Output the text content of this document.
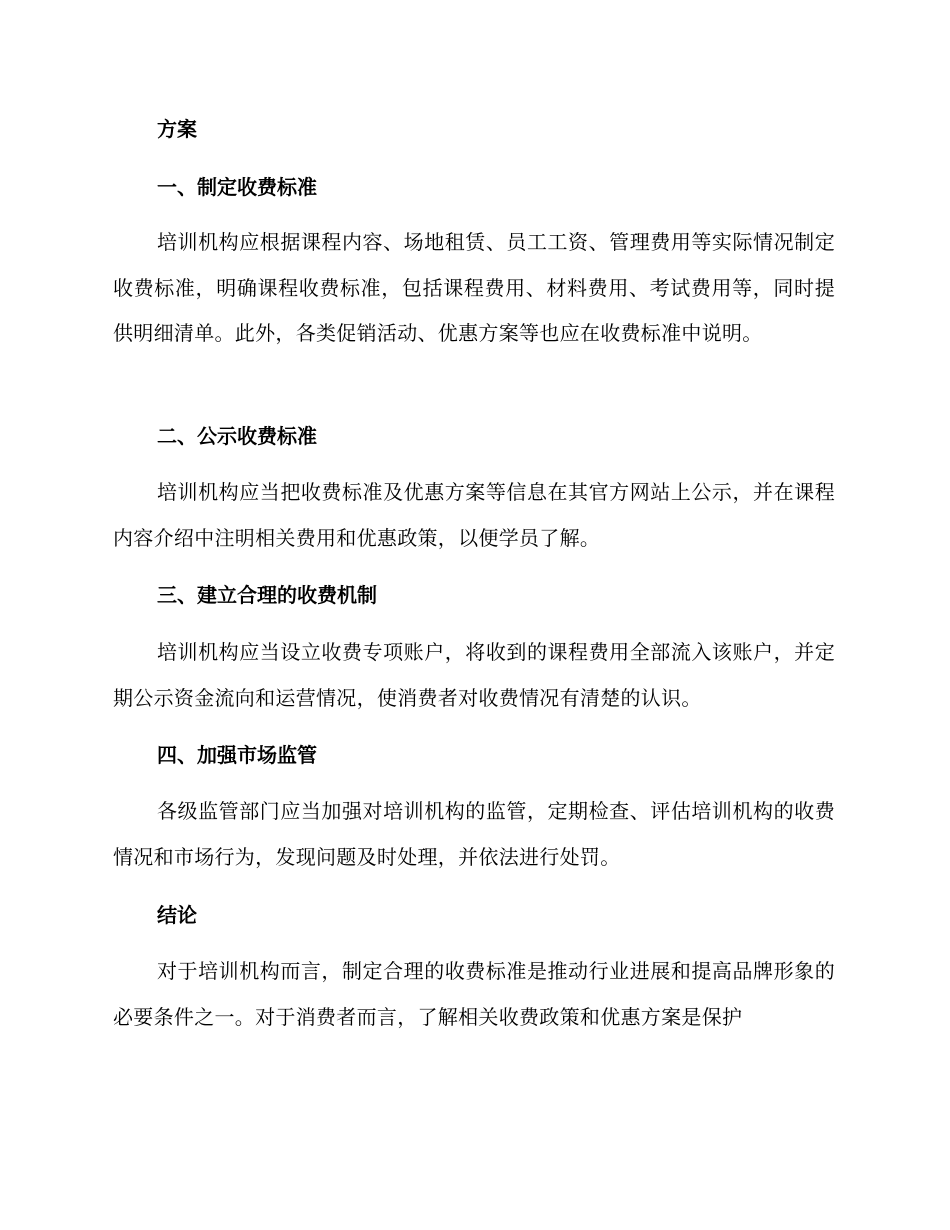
方案
一、制定收费标准
培训机构应根据课程内容、场地租赁、员工工资、管理费用等实际情况制定收费标准，明确课程收费标准，包括课程费用、材料费用、考试费用等，同时提供明细清单。此外，各类促销活动、优惠方案等也应在收费标准中说明。
二、公示收费标准
培训机构应当把收费标准及优惠方案等信息在其官方网站上公示，并在课程内容介绍中注明相关费用和优惠政策，以便学员了解。
三、建立合理的收费机制
培训机构应当设立收费专项账户，将收到的课程费用全部流入该账户，并定期公示资金流向和运营情况，使消费者对收费情况有清楚的认识。
四、加强市场监管
各级监管部门应当加强对培训机构的监管，定期检查、评估培训机构的收费情况和市场行为，发现问题及时处理，并依法进行处罚。
结论
对于培训机构而言，制定合理的收费标准是推动行业进展和提高品牌形象的必要条件之一。对于消费者而言，了解相关收费政策和优惠方案是保护
